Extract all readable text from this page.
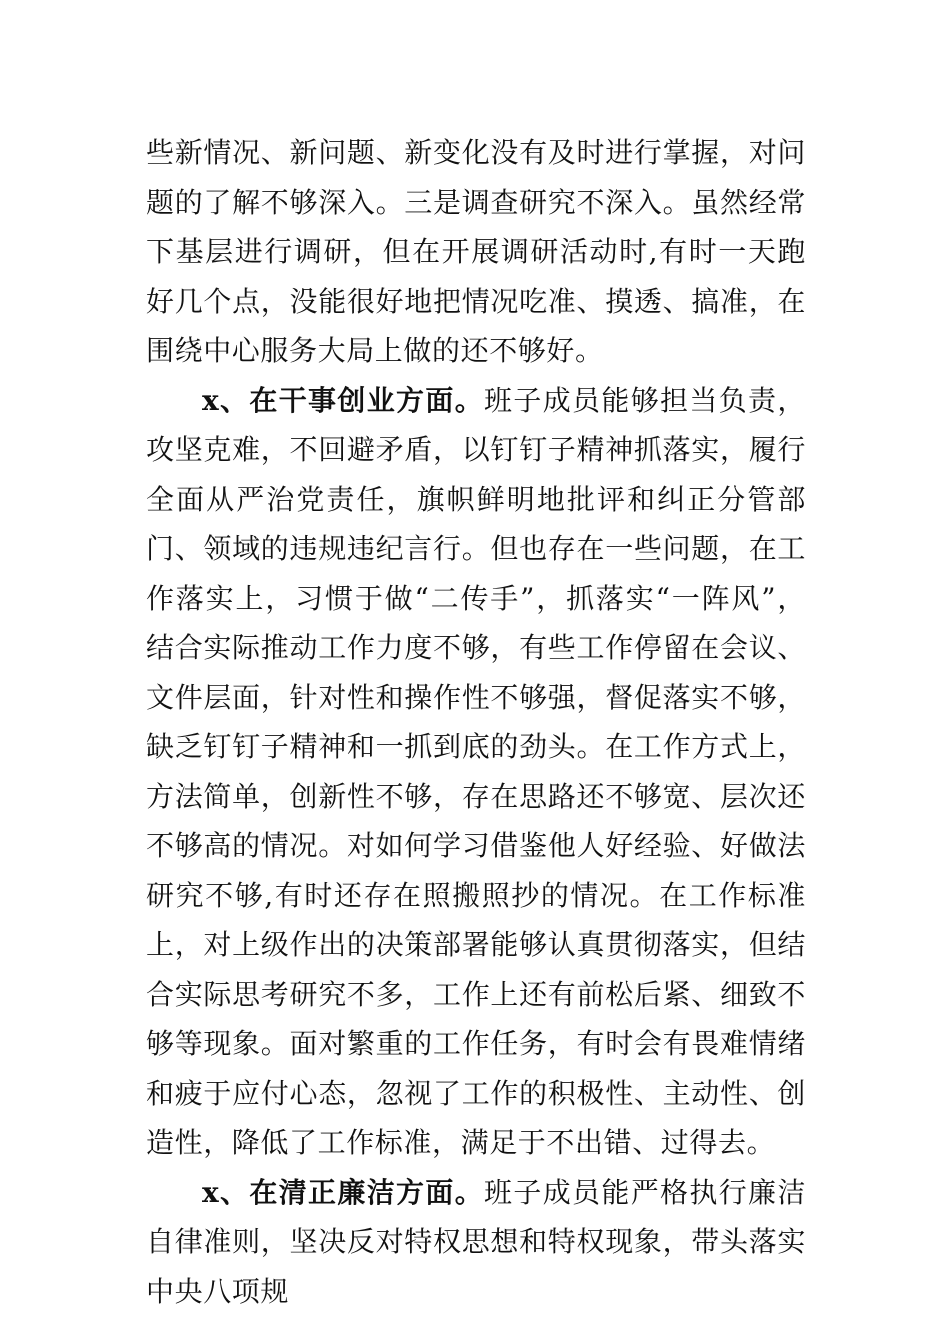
些新情况、新问题、新变化没有及时进行掌握，对问题的了解不够深入。三是调查研究不深入。虽然经常下基层进行调研，但在开展调研活动时,有时一天跑好几个点，没能很好地把情况吃准、摸透、搞准，在围绕中心服务大局上做的还不够好。

x、在干事创业方面。班子成员能够担当负责，攻坚克难，不回避矛盾，以钉钉子精神抓落实，履行全面从严治党责任，旗帜鲜明地批评和纠正分管部门、领域的违规违纪言行。但也存在一些问题，在工作落实上，习惯于做“二传手”，抓落实“一阵风”，结合实际推动工作力度不够，有些工作停留在会议、文件层面，针对性和操作性不够强，督促落实不够，缺乏钉钉子精神和一抓到底的劲头。在工作方式上，方法简单，创新性不够，存在思路还不够宽、层次还不够高的情况。对如何学习借鉴他人好经验、好做法研究不够,有时还存在照搬照抄的情况。在工作标准上，对上级作出的决策部署能够认真贯彻落实，但结合实际思考研究不多，工作上还有前松后紧、细致不够等现象。面对繁重的工作任务，有时会有畏难情绪和疲于应付心态，忽视了工作的积极性、主动性、创造性，降低了工作标准，满足于不出错、过得去。

x、在清正廉洁方面。班子成员能严格执行廉洁自律准则，坚决反对特权思想和特权现象，带头落实中央八项规
